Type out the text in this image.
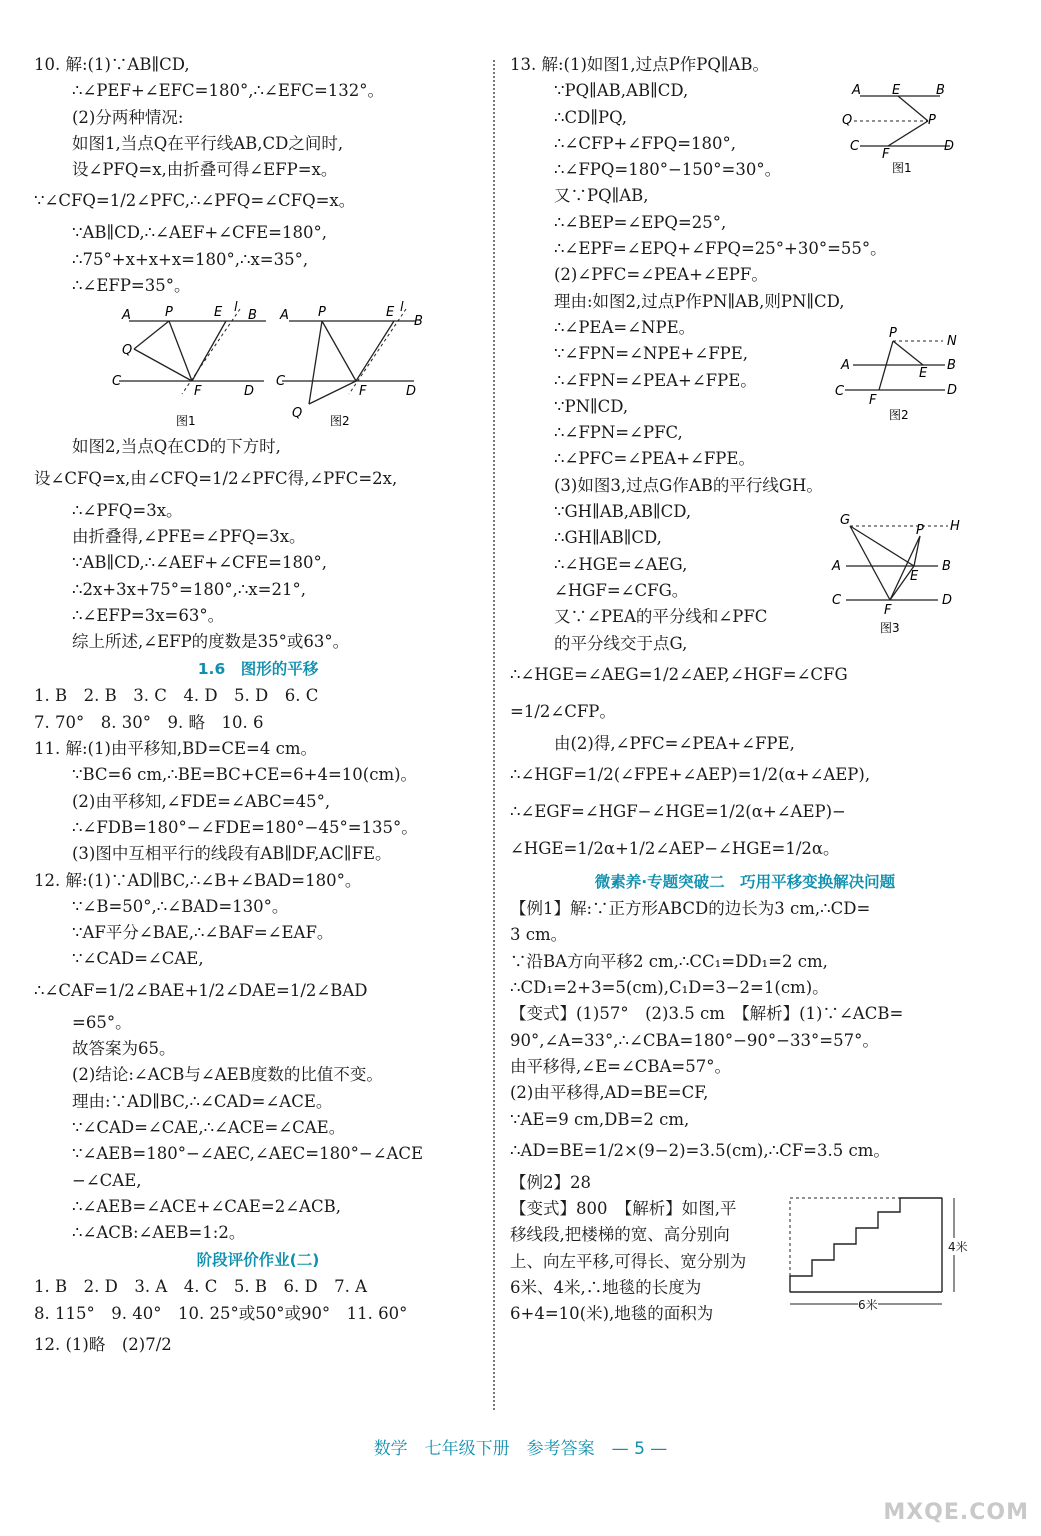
10. 解:(1)∵AB∥CD,
∴∠PEF+∠EFC=180°,∴∠EFC=132°。
(2)分两种情况:
如图1,当点Q在平行线AB,CD之间时,
设∠PFQ=x,由折叠可得∠EFP=x。
∵∠CFQ=1/2∠PFC,∴∠PFQ=∠CFQ=x。
∵AB∥CD,∴∠AEF+∠CFE=180°,
∴75°+x+x+x=180°,∴x=35°,
∴∠EFP=35°。
A	P	E l
B
Q
C
F	D
图1
A P	E l
B
C
F	D
Q 图2
如图2,当点Q在CD的下方时,
设∠CFQ=x,由∠CFQ=1/2∠PFC得,∠PFC=2x,
∴∠PFQ=3x。
由折叠得,∠PFE=∠PFQ=3x。
∵AB∥CD,∴∠AEF+∠CFE=180°,
∴2x+3x+75°=180°,∴x=21°,
∴∠EFP=3x=63°。
综上所述,∠EFP的度数是35°或63°。
1.6　图形的平移
1. B　2. B　3. C　4. D　5. D　6. C
7. 70°　8. 30°　9. 略　10. 6
11. 解:(1)由平移知,BD=CE=4 cm。
∵BC=6 cm,∴BE=BC+CE=6+4=10(cm)。
(2)由平移知,∠FDE=∠ABC=45°,
∴∠FDB=180°−∠FDE=180°−45°=135°。
(3)图中互相平行的线段有AB∥DF,AC∥FE。
12. 解:(1)∵AD∥BC,∴∠B+∠BAD=180°。
∵∠B=50°,∴∠BAD=130°。
∵AF平分∠BAE,∴∠BAF=∠EAF。
∵∠CAD=∠CAE,
∴∠CAF=1/2∠BAE+1/2∠DAE=1/2∠BAD
=65°。
故答案为65。
(2)结论:∠ACB与∠AEB度数的比值不变。
理由:∵AD∥BC,∴∠CAD=∠ACE。
∵∠CAD=∠CAE,∴∠ACE=∠CAE。
∵∠AEB=180°−∠AEC,∠AEC=180°−∠ACE
−∠CAE,
∴∠AEB=∠ACE+∠CAE=2∠ACB,
∴∠ACB:∠AEB=1:2。
阶段评价作业(二)
1. B　2. D　3. A　4. C　5. B　6. D　7. A
8. 115°　9. 40°　10. 25°或50°或90°　11. 60°
12. (1)略　(2)7/2
13. 解:(1)如图1,过点P作PQ∥AB。
∵PQ∥AB,AB∥CD,
∴CD∥PQ,
∴∠CFP+∠FPQ=180°,
∴∠FPQ=180°−150°=30°。
又∵PQ∥AB,
∴∠BEP=∠EPQ=25°,
∴∠EPF=∠EPQ+∠FPQ=25°+30°=55°。
(2)∠PFC=∠PEA+∠EPF。
理由:如图2,过点P作PN∥AB,则PN∥CD,
∴∠PEA=∠NPE。
∵∠FPN=∠NPE+∠FPE,
∴∠FPN=∠PEA+∠FPE。
∵PN∥CD,
∴∠FPN=∠PFC,
∴∠PFC=∠PEA+∠FPE。
(3)如图3,过点G作AB的平行线GH。
∵GH∥AB,AB∥CD,
∴GH∥AB∥CD,
∴∠HGE=∠AEG,
∠HGF=∠CFG。
又∵∠PEA的平分线和∠PFC
的平分线交于点G,
A E	B
Q	P
C
F
D
图1
P
N
A
E
B
C
F
D
图2
G	H
P
A
E
B
C
F
D
图3
∴∠HGE=∠AEG=1/2∠AEP,∠HGF=∠CFG
=1/2∠CFP。
由(2)得,∠PFC=∠PEA+∠FPE,
∴∠HGF=1/2(∠FPE+∠AEP)=1/2(α+∠AEP),
∴∠EGF=∠HGF−∠HGE=1/2(α+∠AEP)−
∠HGE=1/2α+1/2∠AEP−∠HGE=1/2α。
微素养·专题突破二　巧用平移变换解决问题
【例1】解:∵正方形ABCD的边长为3 cm,∴CD=
3 cm。
∵沿BA方向平移2 cm,∴CC₁=DD₁=2 cm,
∴CD₁=2+3=5(cm),C₁D=3−2=1(cm)。
【变式】(1)57°　(2)3.5 cm　【解析】(1)∵∠ACB=
90°,∠A=33°,∴∠CBA=180°−90°−33°=57°。
由平移得,∠E=∠CBA=57°。
(2)由平移得,AD=BE=CF,
∵AE=9 cm,DB=2 cm,
∴AD=BE=1/2×(9−2)=3.5(cm),∴CF=3.5 cm。
【例2】28
【变式】800　【解析】如图,平
移线段,把楼梯的宽、高分别向
上、向左平移,可得长、宽分别为
6米、4米,∴地毯的长度为
6+4=10(米),地毯的面积为
4米
6米
数学　七年级下册　参考答案　— 5 —
MXQE.COM
